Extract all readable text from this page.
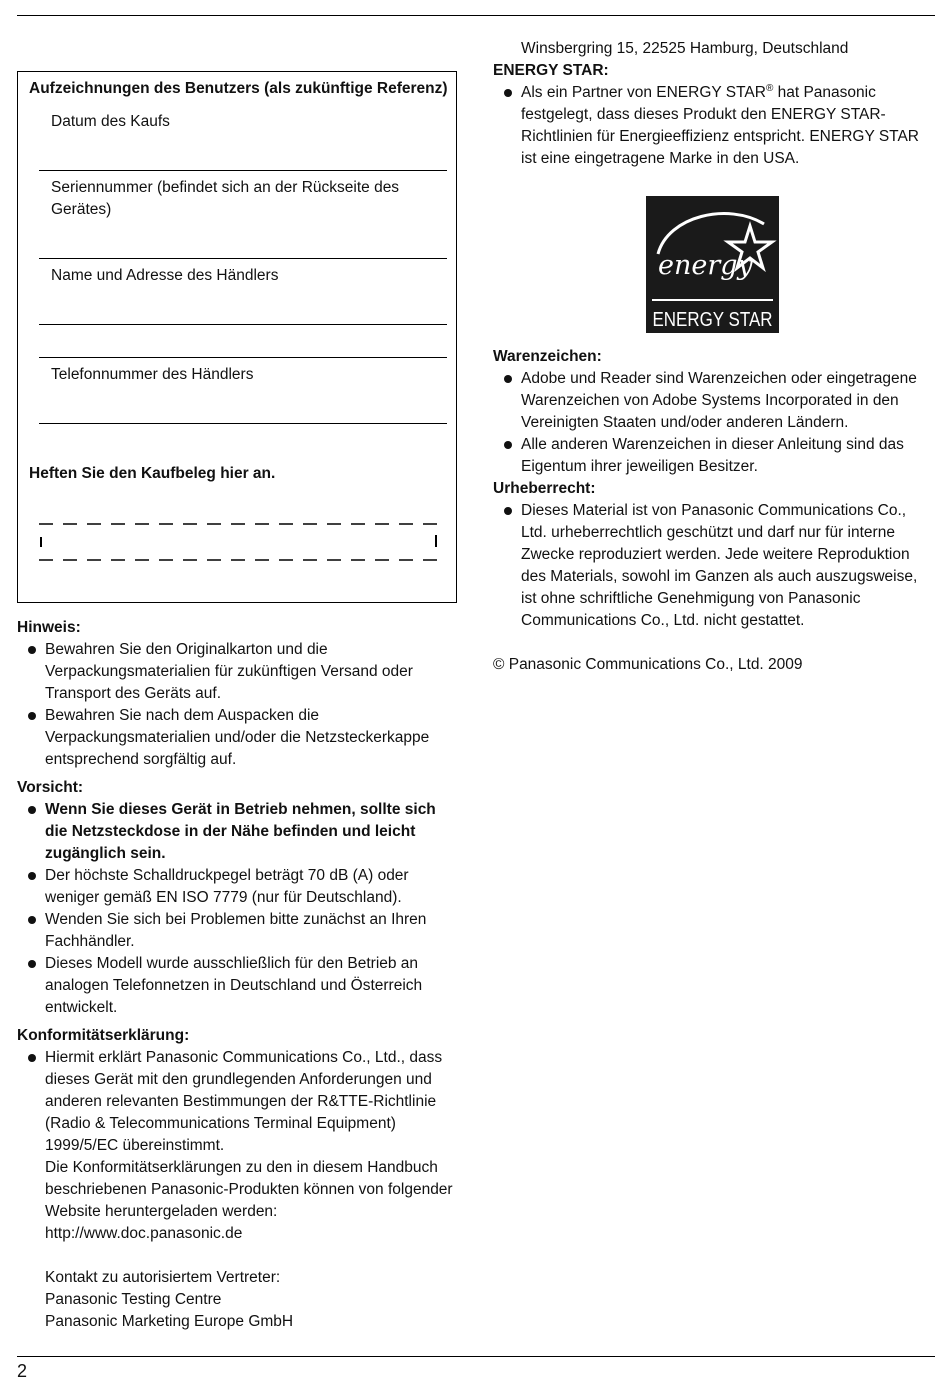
Aufzeichnungen des Benutzers (als zukünftige Referenz)
Datum des Kaufs
Seriennummer (befindet sich an der Rückseite des Gerätes)
Name und Adresse des Händlers
Telefonnummer des Händlers
Heften Sie den Kaufbeleg hier an.

Hinweis:

Bewahren Sie den Originalkarton und die Verpackungsmaterialien für zukünftigen Versand oder Transport des Geräts auf.
Bewahren Sie nach dem Auspacken die Verpackungsmaterialien und/oder die Netzsteckerkappe entsprechend sorgfältig auf.

Vorsicht:

Wenn Sie dieses Gerät in Betrieb nehmen, sollte sich die Netzsteckdose in der Nähe befinden und leicht zugänglich sein.
Der höchste Schalldruckpegel beträgt 70 dB (A) oder weniger gemäß EN ISO 7779 (nur für Deutschland).
Wenden Sie sich bei Problemen bitte zunächst an Ihren Fachhändler.
Dieses Modell wurde ausschließlich für den Betrieb an analogen Telefonnetzen in Deutschland und Österreich entwickelt.

Konformitätserklärung:

Hiermit erklärt Panasonic Communications Co., Ltd., dass dieses Gerät mit den grundlegenden Anforderungen und anderen relevanten Bestimmungen der R&TTE-Richtlinie (Radio & Telecommunications Terminal Equipment) 1999/5/EC übereinstimmt.
Die Konformitätserklärungen zu den in diesem Handbuch beschriebenen Panasonic-Produkten können von folgender Website heruntergeladen werden:
http://www.doc.panasonic.de
Kontakt zu autorisiertem Vertreter:
Panasonic Testing Centre
Panasonic Marketing Europe GmbH
Winsbergring 15, 22525 Hamburg, Deutschland

ENERGY STAR:

Als ein Partner von ENERGY STAR® hat Panasonic festgelegt, dass dieses Produkt den ENERGY STAR-Richtlinien für Energieeffizienz entspricht. ENERGY STAR ist eine eingetragene Marke in den USA.
energy
ENERGY STAR

Warenzeichen:

Adobe und Reader sind Warenzeichen oder eingetragene Warenzeichen von Adobe Systems Incorporated in den Vereinigten Staaten und/oder anderen Ländern.
Alle anderen Warenzeichen in dieser Anleitung sind das Eigentum ihrer jeweiligen Besitzer.

Urheberrecht:

Dieses Material ist von Panasonic Communications Co., Ltd. urheberrechtlich geschützt und darf nur für interne Zwecke reproduziert werden. Jede weitere Reproduktion des Materials, sowohl im Ganzen als auch auszugsweise, ist ohne schriftliche Genehmigung von Panasonic Communications Co., Ltd. nicht gestattet.
© Panasonic Communications Co., Ltd. 2009
2
